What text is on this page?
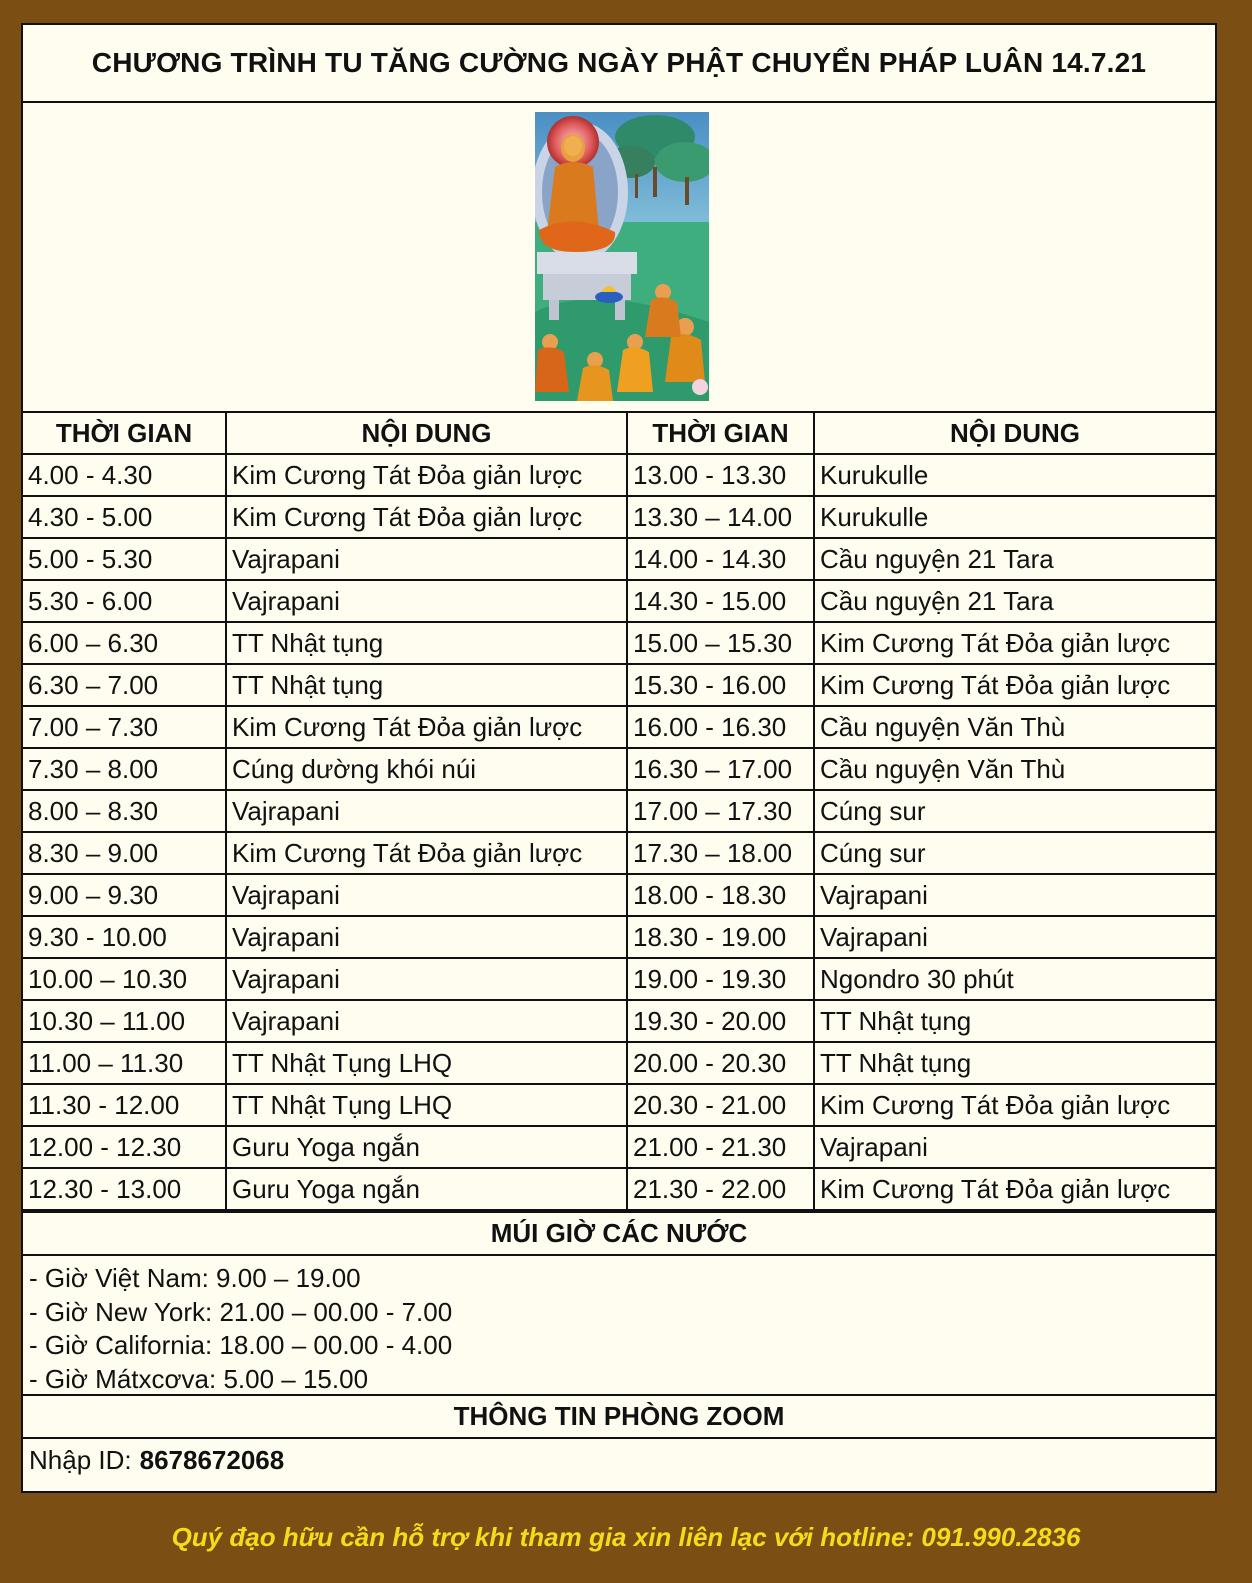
CHƯƠNG TRÌNH TU TĂNG CƯỜNG NGÀY PHẬT CHUYỂN PHÁP LUÂN 14.7.21
THỜI GIAN	NỘI DUNG	THỜI GIAN	NỘI DUNG
4.00 - 4.30	Kim Cương Tát Đỏa giản lược	13.00 - 13.30	Kurukulle
4.30 - 5.00	Kim Cương Tát Đỏa giản lược	13.30 – 14.00	Kurukulle
5.00 - 5.30	Vajrapani	14.00 - 14.30	Cầu nguyện 21 Tara
5.30 - 6.00	Vajrapani	14.30 - 15.00	Cầu nguyện 21 Tara
6.00 – 6.30	TT Nhật tụng	15.00 – 15.30	Kim Cương Tát Đỏa giản lược
6.30 – 7.00	TT Nhật tụng	15.30 - 16.00	Kim Cương Tát Đỏa giản lược
7.00 – 7.30	Kim Cương Tát Đỏa giản lược	16.00 - 16.30	Cầu nguyện Văn Thù
7.30 – 8.00	Cúng dường khói núi	16.30 – 17.00	Cầu nguyện Văn Thù
8.00 – 8.30	Vajrapani	17.00 – 17.30	Cúng sur
8.30 – 9.00	Kim Cương Tát Đỏa giản lược	17.30 – 18.00	Cúng sur
9.00 – 9.30	Vajrapani	18.00 - 18.30	Vajrapani
9.30 - 10.00	Vajrapani	18.30 - 19.00	Vajrapani
10.00 – 10.30	Vajrapani	19.00 - 19.30	Ngondro 30 phút
10.30 – 11.00	Vajrapani	19.30 - 20.00	TT Nhật tụng
11.00 – 11.30	TT Nhật Tụng LHQ	20.00 - 20.30	TT Nhật tụng
11.30 - 12.00	TT Nhật Tụng LHQ	20.30 - 21.00	Kim Cương Tát Đỏa giản lược
12.00 - 12.30	Guru Yoga ngắn	21.00 - 21.30	Vajrapani
12.30 - 13.00	Guru Yoga ngắn	21.30 - 22.00	Kim Cương Tát Đỏa giản lược
MÚI GIỜ CÁC NƯỚC
- Giờ Việt Nam: 9.00 – 19.00
- Giờ New York: 21.00 – 00.00 - 7.00
- Giờ California: 18.00 – 00.00 - 4.00
- Giờ Mátxcơva: 5.00 – 15.00
THÔNG TIN PHÒNG ZOOM
Nhập ID: 8678672068
Quý đạo hữu cần hỗ trợ khi tham gia xin liên lạc với hotline: 091.990.2836
